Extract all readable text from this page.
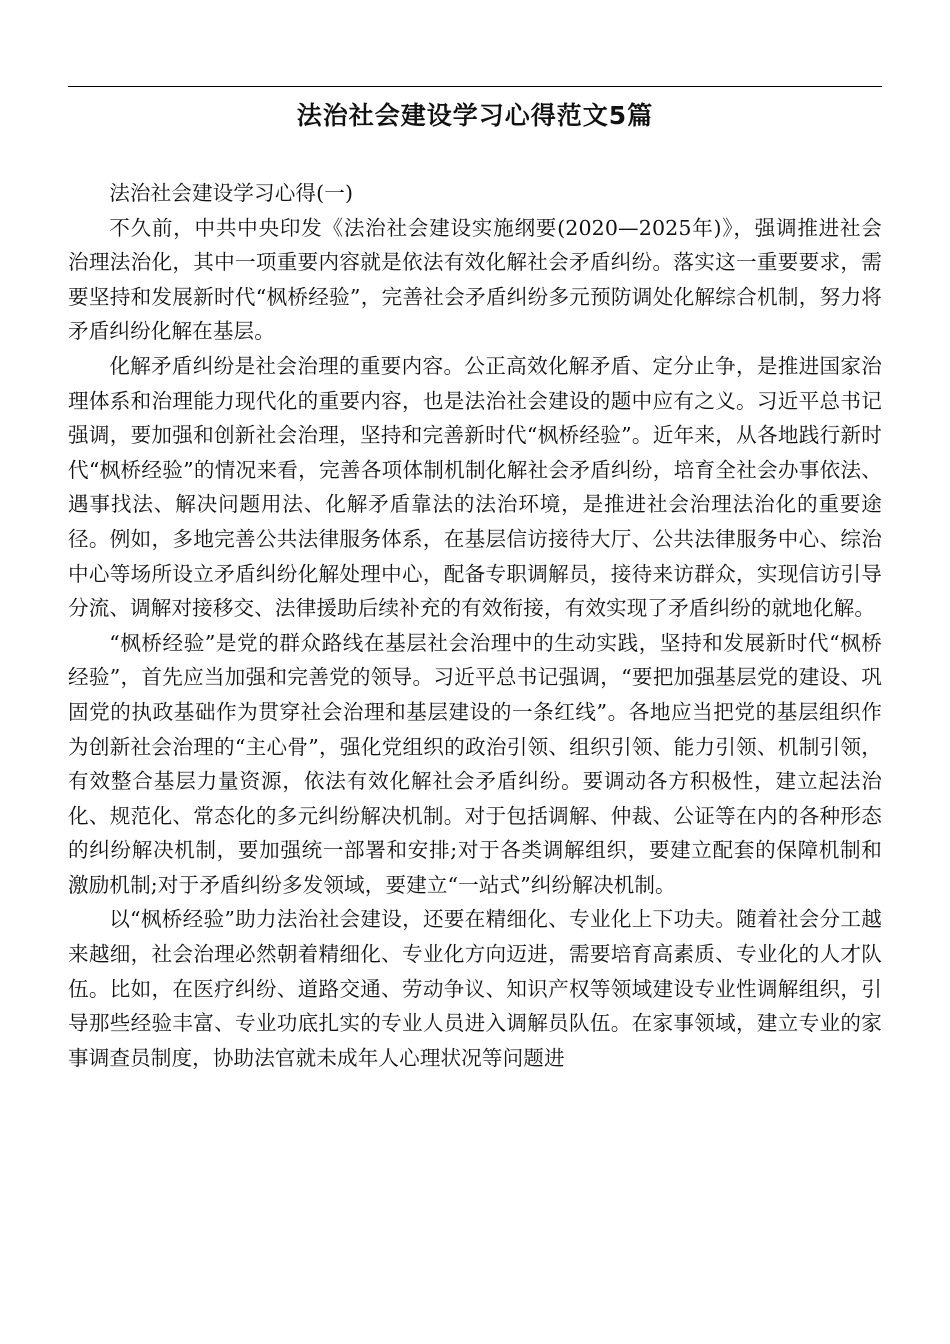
法治社会建设学习心得范文5篇

法治社会建设学习心得(一)

不久前，中共中央印发《法治社会建设实施纲要(2020—2025年)》，强调推进社会治理法治化，其中一项重要内容就是依法有效化解社会矛盾纠纷。落实这一重要要求，需要坚持和发展新时代“枫桥经验”，完善社会矛盾纠纷多元预防调处化解综合机制，努力将矛盾纠纷化解在基层。

化解矛盾纠纷是社会治理的重要内容。公正高效化解矛盾、定分止争，是推进国家治理体系和治理能力现代化的重要内容，也是法治社会建设的题中应有之义。习近平总书记强调，要加强和创新社会治理，坚持和完善新时代“枫桥经验”。近年来，从各地践行新时代“枫桥经验”的情况来看，完善各项体制机制化解社会矛盾纠纷，培育全社会办事依法、遇事找法、解决问题用法、化解矛盾靠法的法治环境，是推进社会治理法治化的重要途径。例如，多地完善公共法律服务体系，在基层信访接待大厅、公共法律服务中心、综治中心等场所设立矛盾纠纷化解处理中心，配备专职调解员，接待来访群众，实现信访引导分流、调解对接移交、法律援助后续补充的有效衔接，有效实现了矛盾纠纷的就地化解。

“枫桥经验”是党的群众路线在基层社会治理中的生动实践，坚持和发展新时代“枫桥经验”，首先应当加强和完善党的领导。习近平总书记强调，“要把加强基层党的建设、巩固党的执政基础作为贯穿社会治理和基层建设的一条红线”。各地应当把党的基层组织作为创新社会治理的“主心骨”，强化党组织的政治引领、组织引领、能力引领、机制引领，有效整合基层力量资源，依法有效化解社会矛盾纠纷。要调动各方积极性，建立起法治化、规范化、常态化的多元纠纷解决机制。对于包括调解、仲裁、公证等在内的各种形态的纠纷解决机制，要加强统一部署和安排;对于各类调解组织，要建立配套的保障机制和激励机制;对于矛盾纠纷多发领域，要建立“一站式”纠纷解决机制。

以“枫桥经验”助力法治社会建设，还要在精细化、专业化上下功夫。随着社会分工越来越细，社会治理必然朝着精细化、专业化方向迈进，需要培育高素质、专业化的人才队伍。比如，在医疗纠纷、道路交通、劳动争议、知识产权等领域建设专业性调解组织，引导那些经验丰富、专业功底扎实的专业人员进入调解员队伍。在家事领域，建立专业的家事调查员制度，协助法官就未成年人心理状况等问题进
